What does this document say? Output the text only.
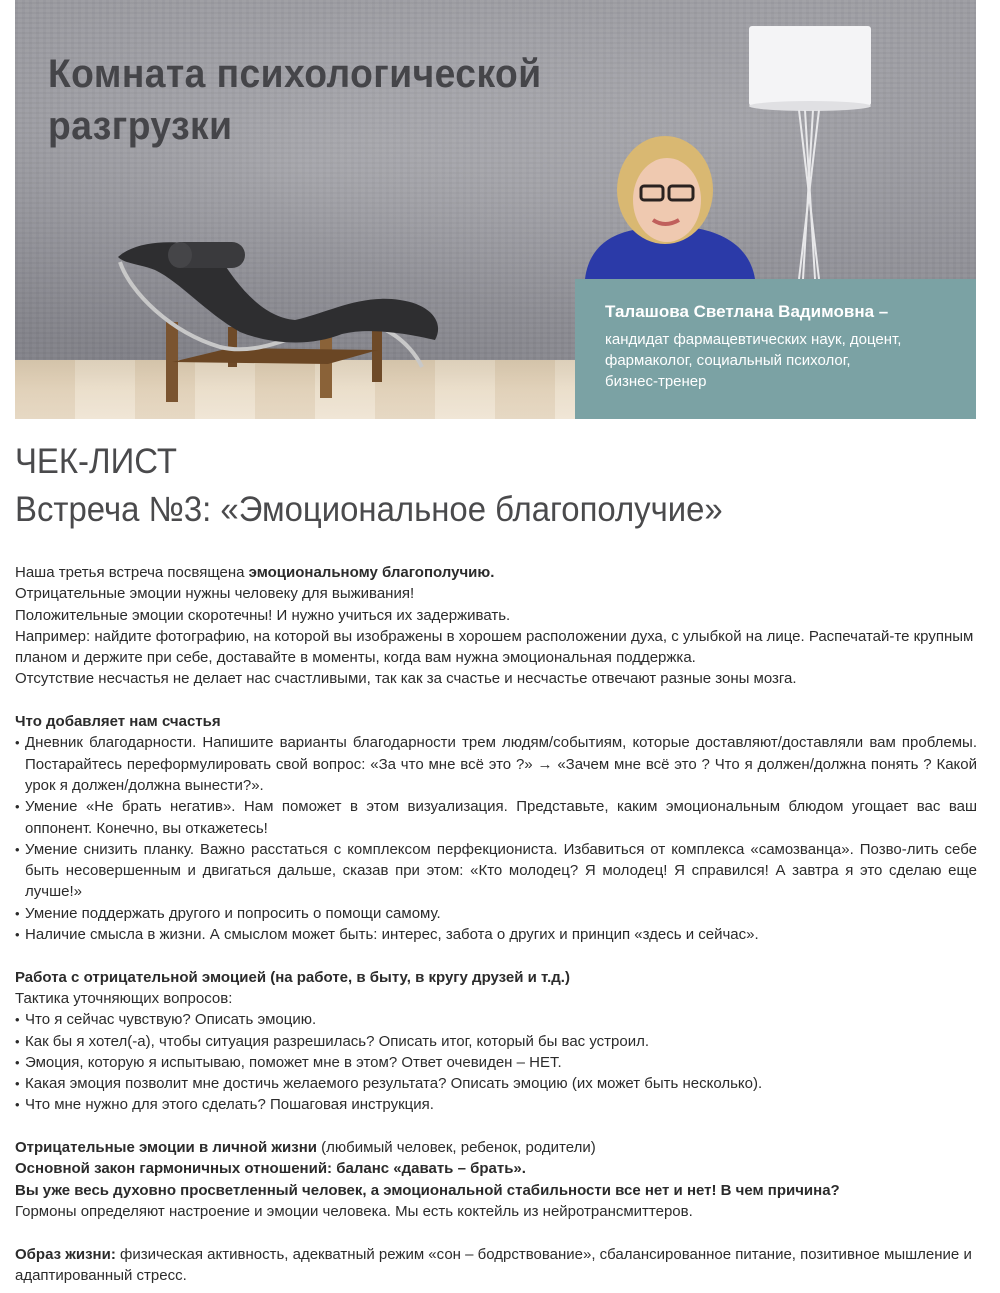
Комната психологической
разгрузки
Талашова Светлана Вадимовна –
кандидат фармацевтических наук, доцент, фармаколог, социальный психолог, бизнес-тренер
ЧЕК-ЛИСТ
Встреча №3: «Эмоциональное благополучие»

Наша третья встреча посвящена эмоциональному благополучию.

Отрицательные эмоции нужны человеку для выживания!

Положительные эмоции скоротечны! И нужно учиться их задерживать.

Например: найдите фотографию, на которой вы изображены в хорошем расположении духа, с улыбкой на лице. Распечатай-те крупным планом и держите при себе, доставайте в моменты, когда вам нужна эмоциональная поддержка.

Отсутствие несчастья не делает нас счастливыми, так как за счастье и несчастье отвечают разные зоны мозга.

Что добавляет нам счастья

• Дневник благодарности. Напишите варианты благодарности трем людям/событиям, которые доставляют/доставляли вам проблемы. Постарайтесь переформулировать свой вопрос: «За что мне всё это ?» → «Зачем мне всё это ? Что я должен/должна понять ? Какой урок я должен/должна вынести?».

• Умение «Не брать негатив». Нам поможет в этом визуализация. Представьте, каким эмоциональным блюдом угощает вас ваш оппонент. Конечно, вы откажетесь!

• Умение снизить планку. Важно расстаться с комплексом перфекциониста. Избавиться от комплекса «самозванца». Позво-лить себе быть несовершенным и двигаться дальше, сказав при этом: «Кто молодец? Я молодец! Я справился! А завтра я это сделаю еще лучше!»

• Умение поддержать другого и попросить о помощи самому.

• Наличие смысла в жизни. А смыслом может быть: интерес, забота о других и принцип «здесь и сейчас».

Работа с отрицательной эмоцией (на работе, в быту, в кругу друзей и т.д.)

Тактика уточняющих вопросов:

• Что я сейчас чувствую? Описать эмоцию.

• Как бы я хотел(-а), чтобы ситуация разрешилась? Описать итог, который бы вас устроил.

• Эмоция, которую я испытываю, поможет мне в этом? Ответ очевиден – НЕТ.

• Какая эмоция позволит мне достичь желаемого результата? Описать эмоцию (их может быть несколько).

• Что мне нужно для этого сделать? Пошаговая инструкция.

Отрицательные эмоции в личной жизни (любимый человек, ребенок, родители)

Основной закон гармоничных отношений: баланс «давать – брать».

Вы уже весь духовно просветленный человек, а эмоциональной стабильности все нет и нет! В чем причина?

Гормоны определяют настроение и эмоции человека. Мы есть коктейль из нейротрансмиттеров.

Образ жизни: физическая активность, адекватный режим «сон – бодрствование», сбалансированное питание, позитивное мышление и адаптированный стресс.
